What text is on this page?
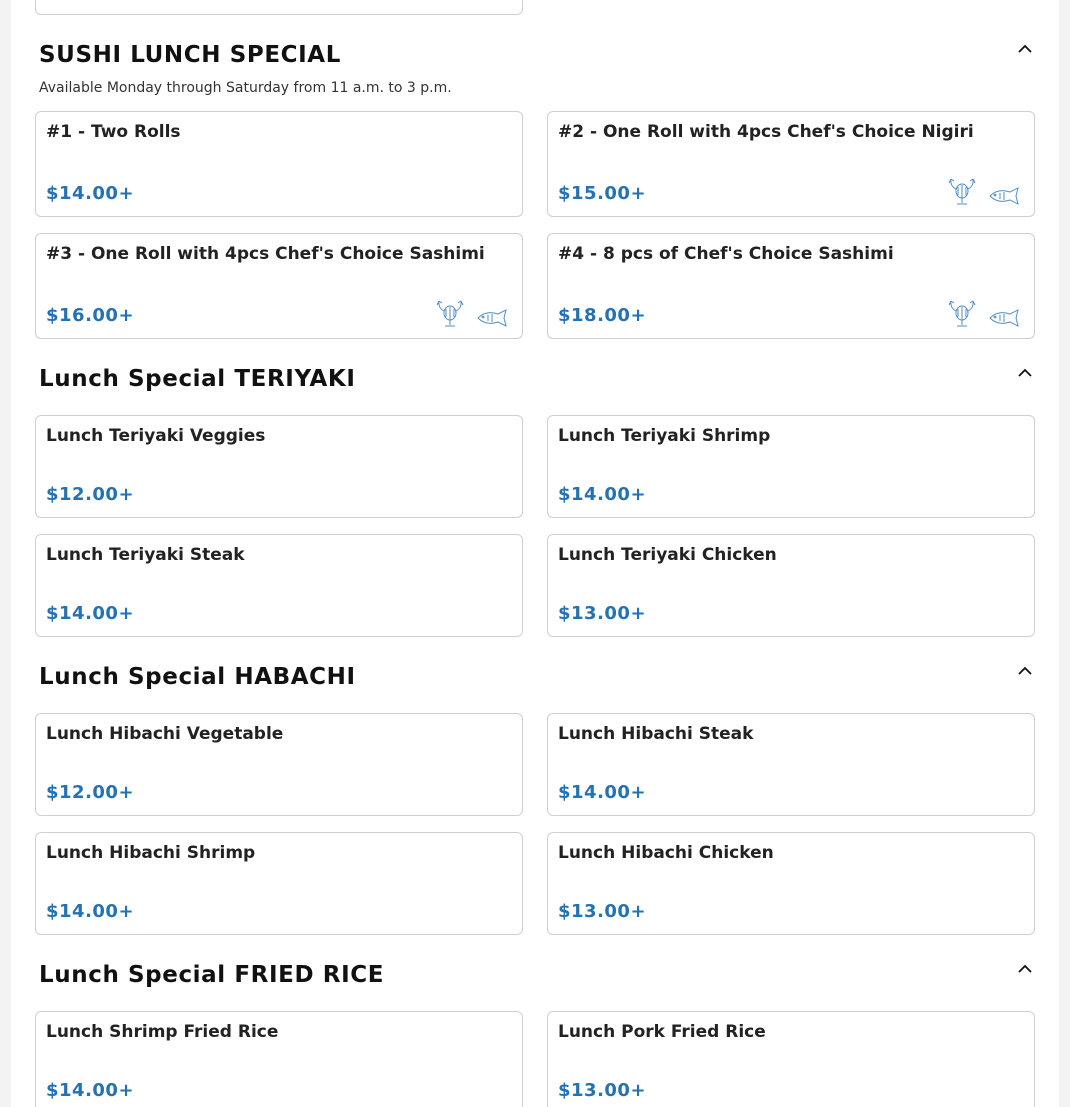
SUSHI LUNCH SPECIAL
Available Monday through Saturday from 11 a.m. to 3 p.m.
#1 - Two Rolls
$14.00+
#2 - One Roll with 4pcs Chef's Choice Nigiri
$15.00+
#3 - One Roll with 4pcs Chef's Choice Sashimi
$16.00+
#4 - 8 pcs of Chef's Choice Sashimi
$18.00+
Lunch Special TERIYAKI
Lunch Teriyaki Veggies
$12.00+
Lunch Teriyaki Shrimp
$14.00+
Lunch Teriyaki Steak
$14.00+
Lunch Teriyaki Chicken
$13.00+
Lunch Special HABACHI
Lunch Hibachi Vegetable
$12.00+
Lunch Hibachi Steak
$14.00+
Lunch Hibachi Shrimp
$14.00+
Lunch Hibachi Chicken
$13.00+
Lunch Special FRIED RICE
Lunch Shrimp Fried Rice
$14.00+
Lunch Pork Fried Rice
$13.00+
